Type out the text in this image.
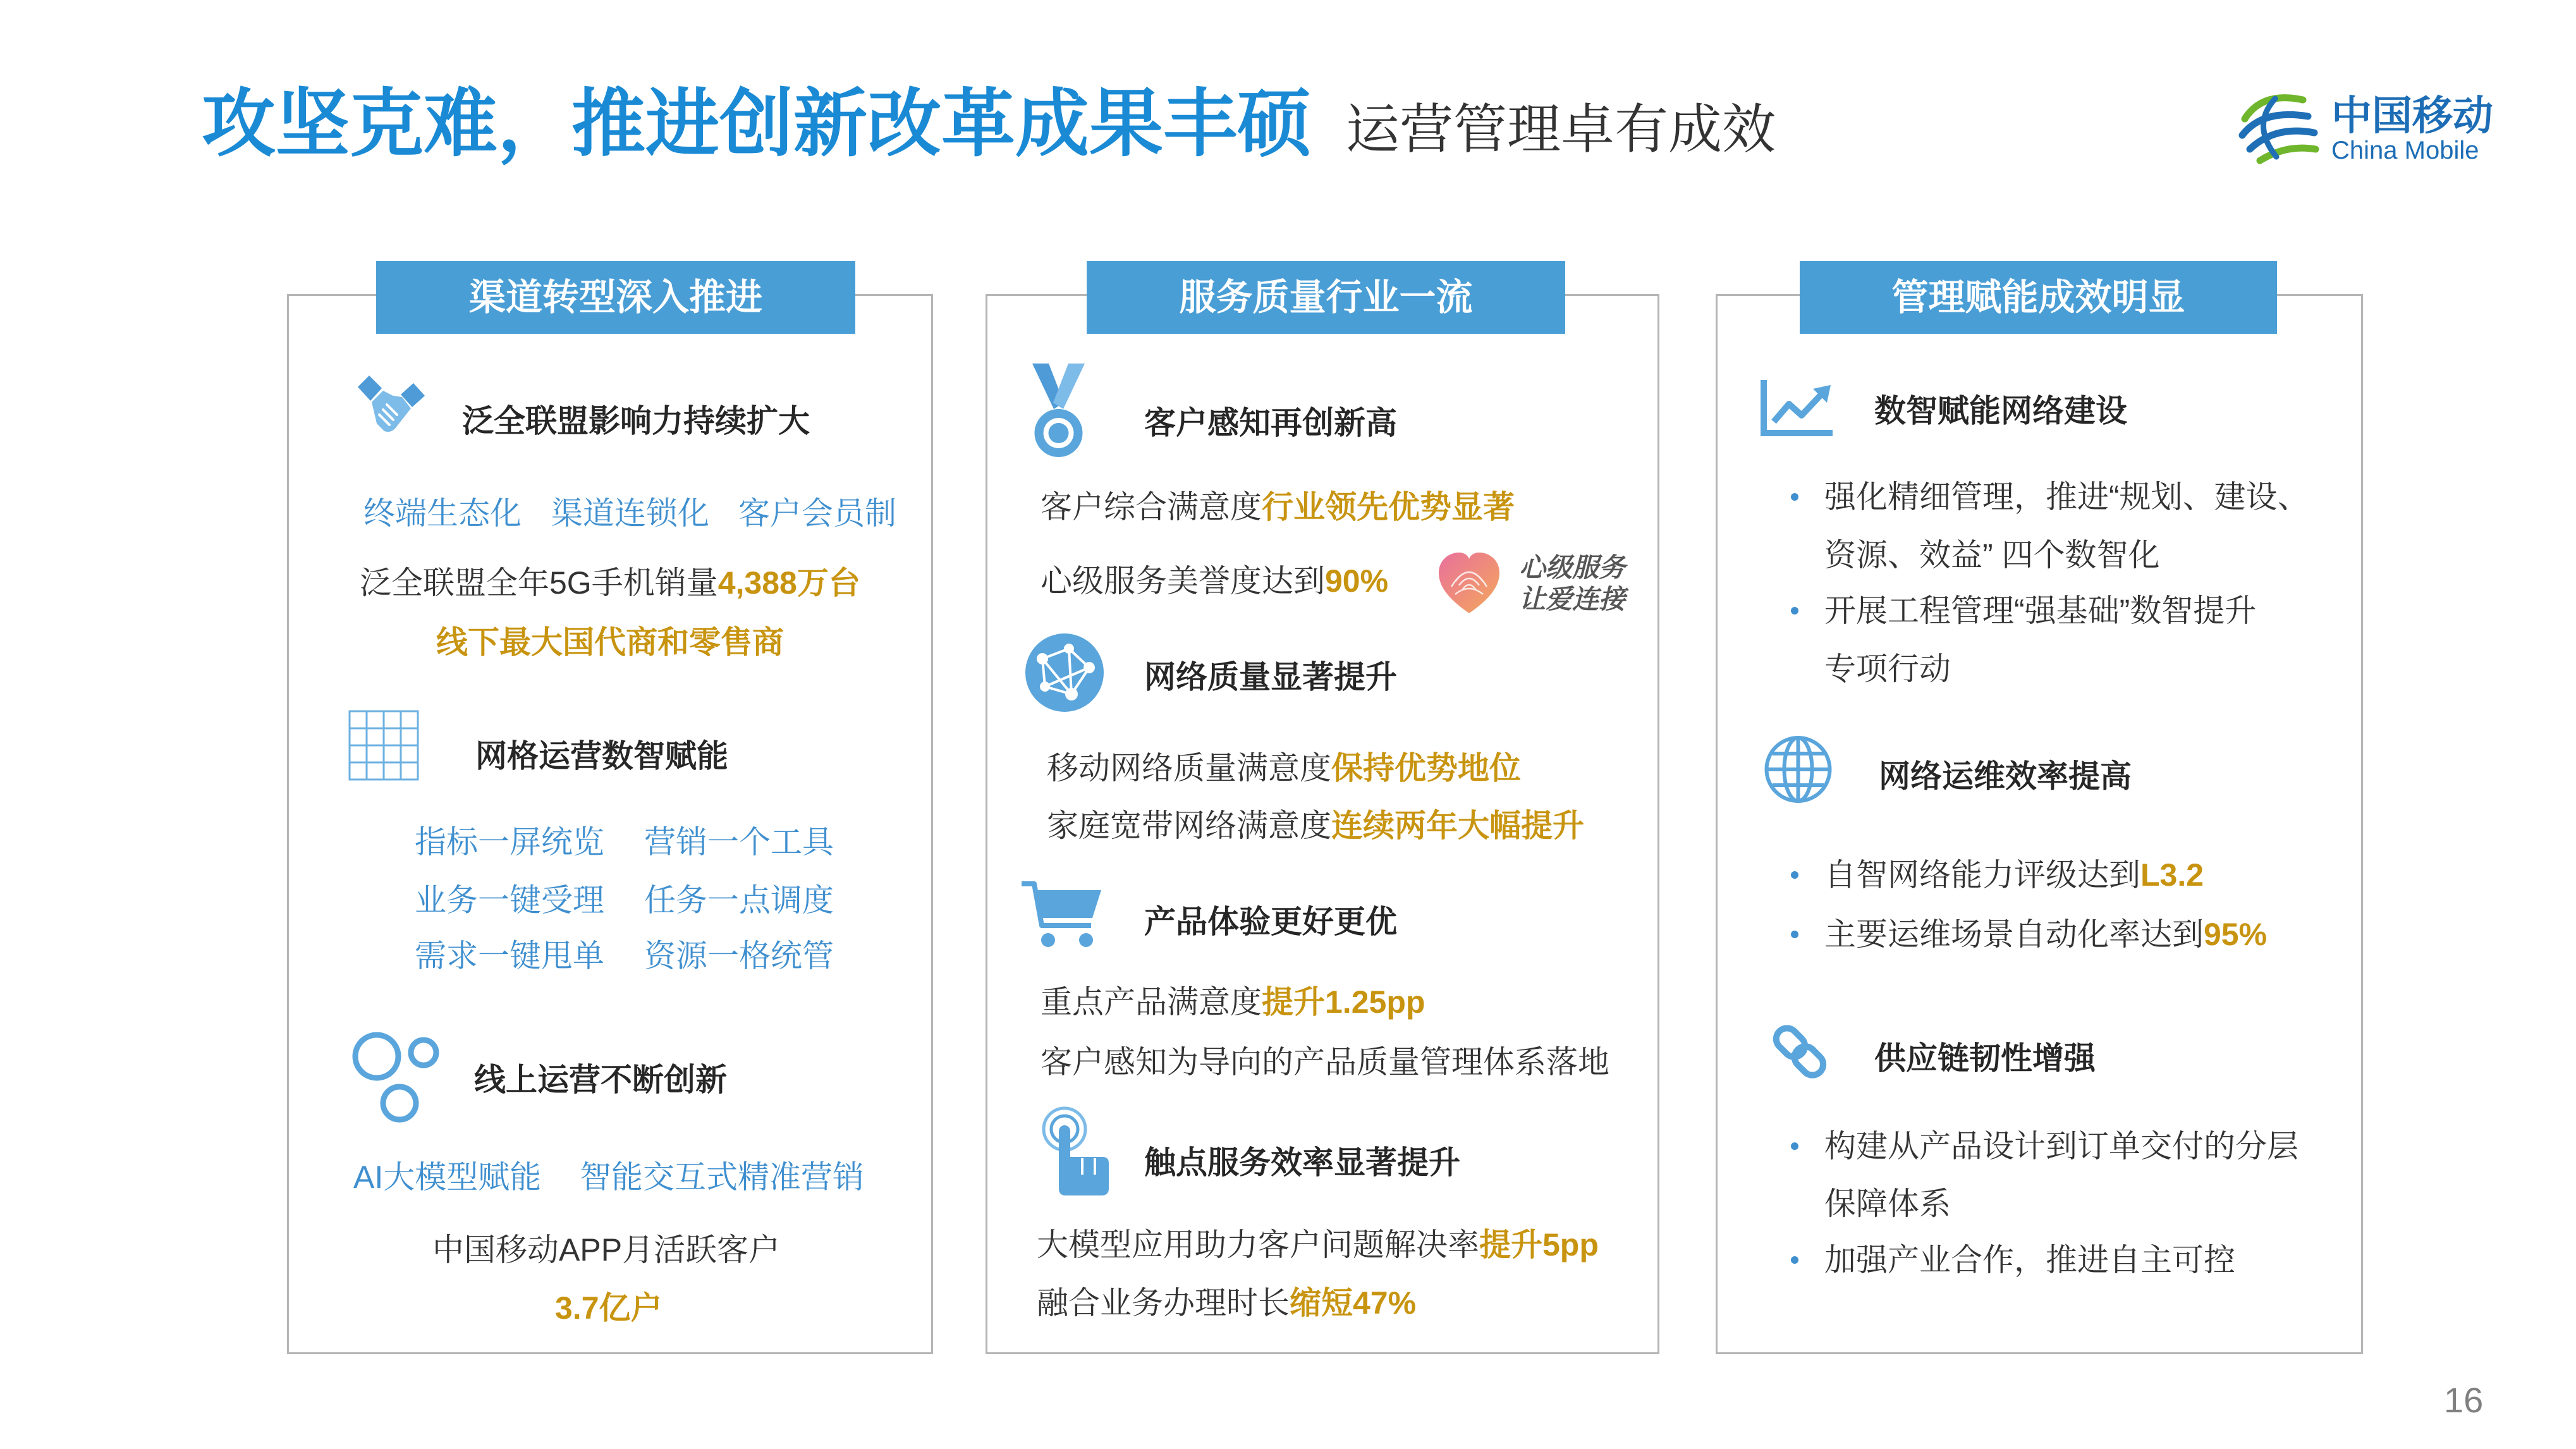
攻坚克难，推进创新改革成果丰硕 运营管理卓有成效	中国移动
China Mobile
渠道转型深入推进
泛全联盟影响力持续扩大
终端生态化 渠道连锁化 客户会员制
泛全联盟全年5G手机销量4,388万台
线下最大国代商和零售商
网格运营数智赋能
指标一屏统览 营销一个工具
业务一键受理 任务一点调度
需求一键甩单 资源一格统管
线上运营不断创新
AI大模型赋能 智能交互式精准营销
中国移动APP月活跃客户
3.7亿户
服务质量行业一流
客户感知再创新高
客户综合满意度行业领先优势显著
心级服务美誉度达到90%	心级服务
让爱连接
网络质量显著提升
移动网络质量满意度保持优势地位
家庭宽带网络满意度连续两年大幅提升
产品体验更好更优
重点产品满意度提升1.25pp
客户感知为导向的产品质量管理体系落地
触点服务效率显著提升
大模型应用助力客户问题解决率提升5pp
融合业务办理时长缩短47%
管理赋能成效明显
数智赋能网络建设
强化精细管理，推进“规划、建设、
资源、效益” 四个数智化
开展工程管理“强基础”数智提升
专项行动
网络运维效率提高
自智网络能力评级达到L3.2
主要运维场景自动化率达到95%
供应链韧性增强
构建从产品设计到订单交付的分层
保障体系
加强产业合作，推进自主可控
16
